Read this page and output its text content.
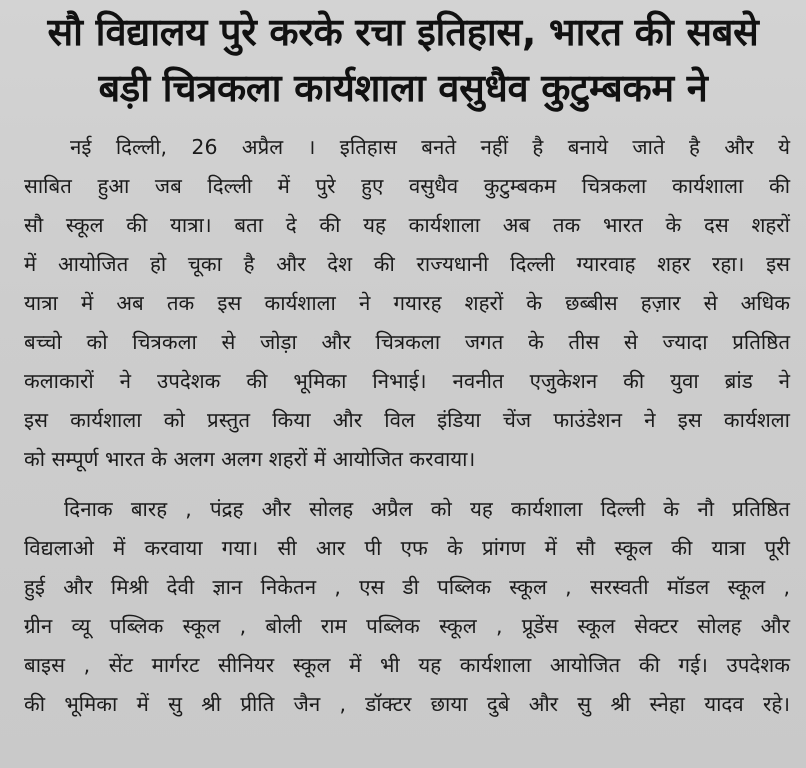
सौ विद्यालय पुरे करके रचा इतिहास, भारत की सबसे
बड़ी चित्रकला कार्यशाला वसुधैव कुटुम्बकम ने
नई दिल्ली, 26 अप्रैल । इतिहास बनते नहीं है बनाये जाते है और ये
साबित हुआ जब दिल्ली में पुरे हुए वसुधैव कुटुम्बकम चित्रकला कार्यशाला की
सौ स्कूल की यात्रा। बता दे की यह कार्यशाला अब तक भारत के दस शहरों
में आयोजित हो चूका है और देश की राज्यधानी दिल्ली ग्यारवाह शहर रहा। इस
यात्रा में अब तक इस कार्यशाला ने गयारह शहरों के छब्बीस हज़ार से अधिक
बच्चो को चित्रकला से जोड़ा और चित्रकला जगत के तीस से ज्यादा प्रतिष्ठित
कलाकारों ने उपदेशक की भूमिका निभाई। नवनीत एजुकेशन की युवा ब्रांड ने
इस कार्यशाला को प्रस्तुत किया और विल इंडिया चेंज फाउंडेशन ने इस कार्यशला
को सम्पूर्ण भारत के अलग अलग शहरों में आयोजित करवाया।
दिनाक बारह , पंद्रह और सोलह अप्रैल को यह कार्यशाला दिल्ली के नौ प्रतिष्ठित
विद्यलाओ में करवाया गया। सी आर पी एफ के प्रांगण में सौ स्कूल की यात्रा पूरी
हुई और मिश्री देवी ज्ञान निकेतन , एस डी पब्लिक स्कूल , सरस्वती मॉडल स्कूल ,
ग्रीन व्यू पब्लिक स्कूल , बोली राम पब्लिक स्कूल , प्रूडेंस स्कूल सेक्टर सोलह और
बाइस , सेंट मार्गरट सीनियर स्कूल में भी यह कार्यशाला आयोजित की गई। उपदेशक
की भूमिका में सु श्री प्रीति जैन , डॉक्टर छाया दुबे और सु श्री स्नेहा यादव रहे।
